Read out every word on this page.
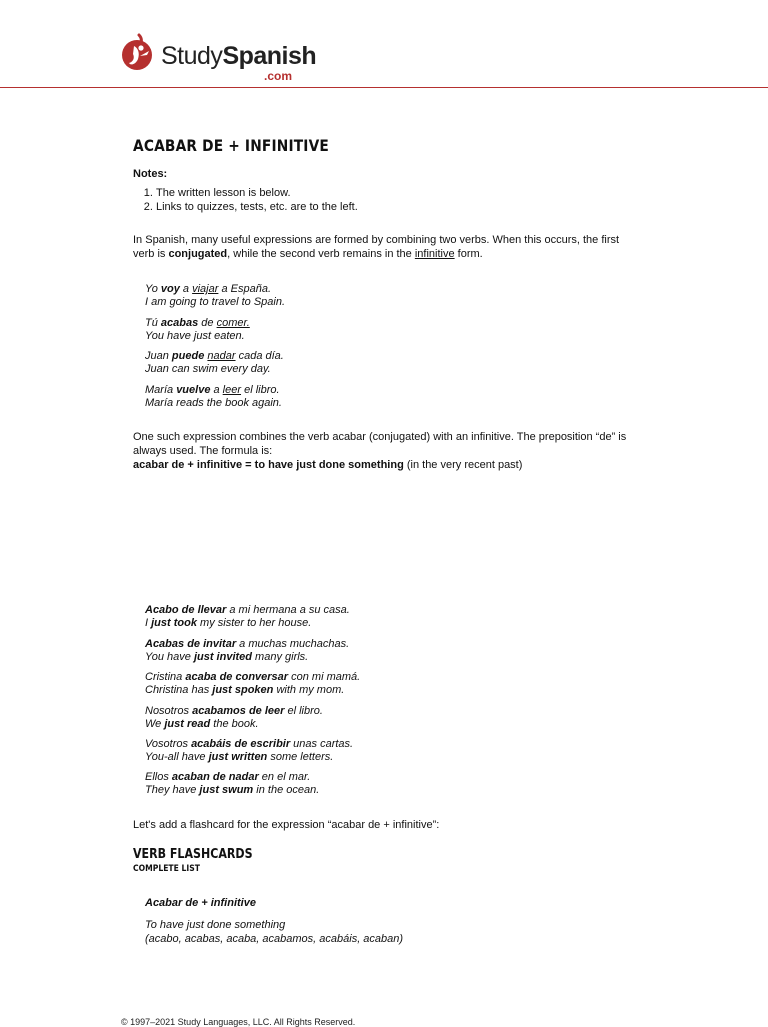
StudySpanish
.com
ACABAR DE + INFINITIVE
Notes:
1. The written lesson is below.
2. Links to quizzes, tests, etc. are to the left.

In Spanish, many useful expressions are formed by combining two verbs. When this occurs, the first verb is conjugated, while the second verb remains in the infinitive form.

Yo voy a viajar a España.
I am going to travel to Spain.
Tú acabas de comer.
You have just eaten.
Juan puede nadar cada día.
Juan can swim every day.
María vuelve a leer el libro.
María reads the book again.

One such expression combines the verb acabar (conjugated) with an infinitive. The preposition “de” is always used. The formula is:
acabar de + infinitive = to have just done something (in the very recent past)

Acabo de llevar a mi hermana a su casa.
I just took my sister to her house.
Acabas de invitar a muchas muchachas.
You have just invited many girls.
Cristina acaba de conversar con mi mamá.
Christina has just spoken with my mom.
Nosotros acabamos de leer el libro.
We just read the book.
Vosotros acabáis de escribir unas cartas.
You-all have just written some letters.
Ellos acaban de nadar en el mar.
They have just swum in the ocean.
Let's add a flashcard for the expression “acabar de + infinitive”:
VERB FLASHCARDS
COMPLETE LIST
Acabar de + infinitive
To have just done something
(acabo, acabas, acaba, acabamos, acabáis, acaban)
© 1997–2021 Study Languages, LLC. All Rights Reserved.
